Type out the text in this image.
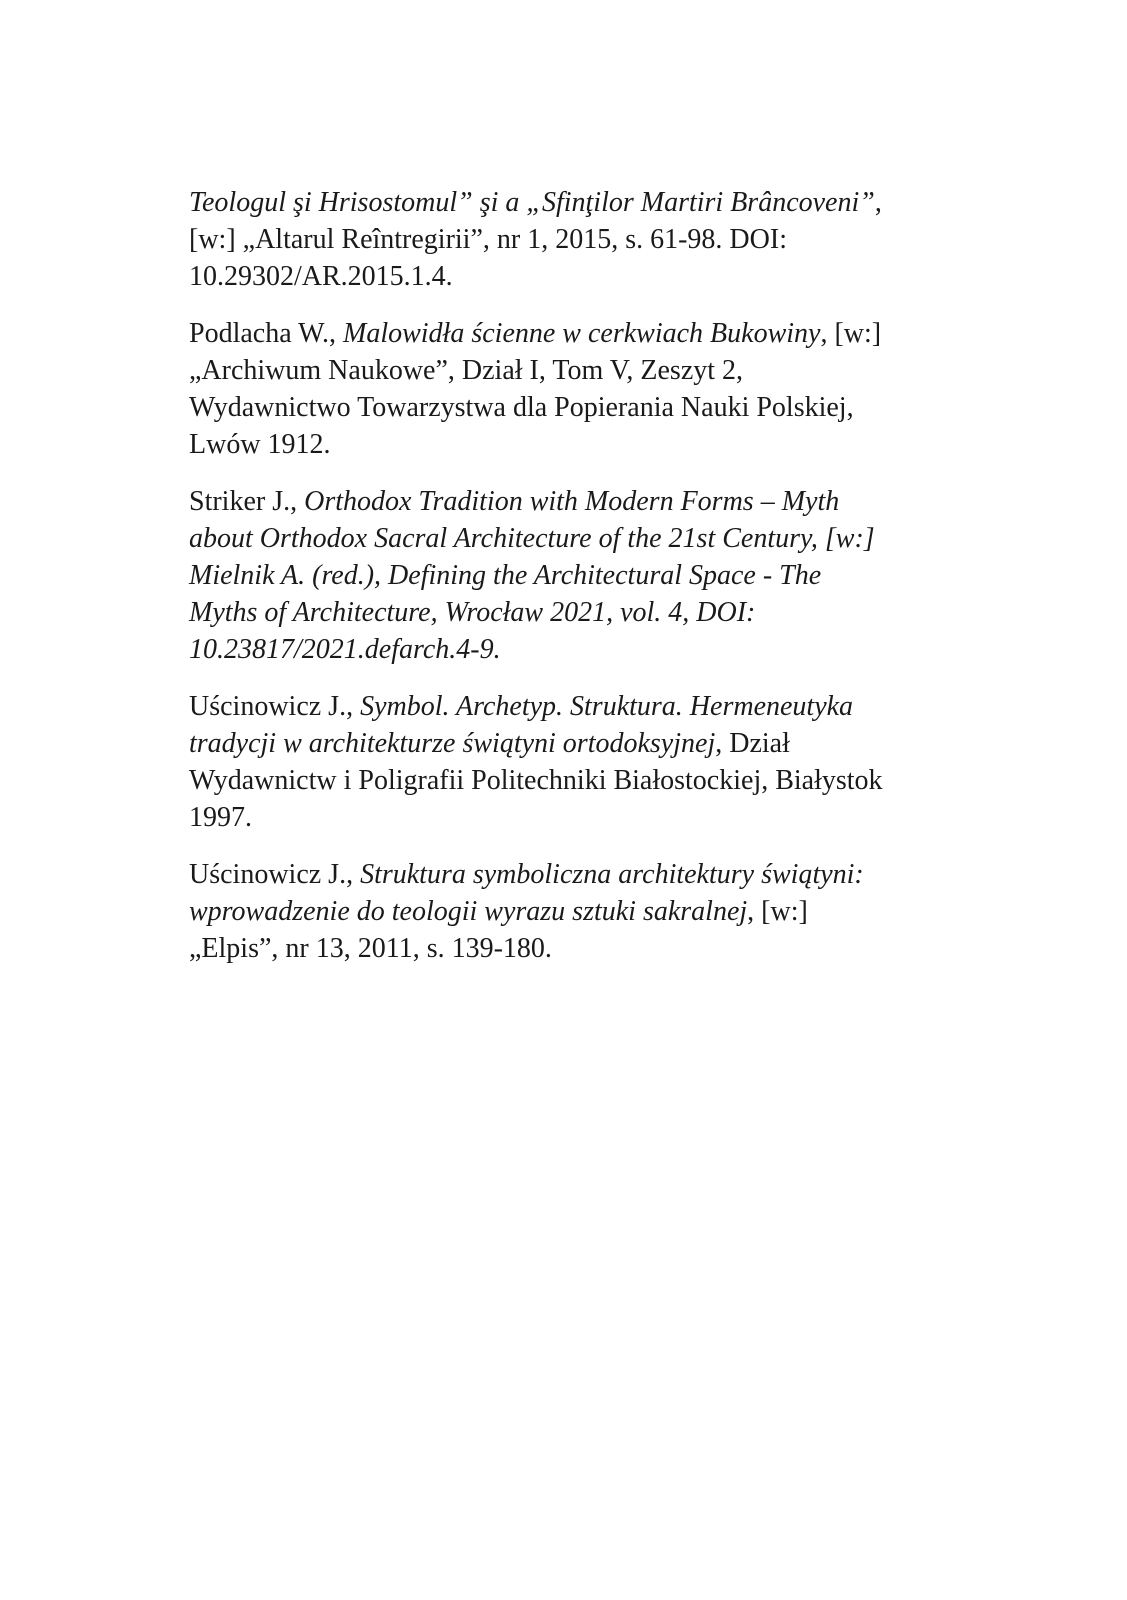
Teologul şi Hrisostomul” şi a „Sfinţilor Martiri Brâncoveni”,
[w:] „Altarul Reîntregirii”, nr 1, 2015, s. 61-98. DOI:
10.29302/AR.2015.1.4.
Podlacha W., Malowidła ścienne w cerkwiach Bukowiny, [w:]
„Archiwum Naukowe”, Dział I, Tom V, Zeszyt 2,
Wydawnictwo Towarzystwa dla Popierania Nauki Polskiej,
Lwów 1912.
Striker J., Orthodox Tradition with Modern Forms – Myth
about Orthodox Sacral Architecture of the 21st Century, [w:]
Mielnik A. (red.), Defining the Architectural Space - The
Myths of Architecture, Wrocław 2021, vol. 4, DOI:
10.23817/2021.defarch.4-9.
Uścinowicz J., Symbol. Archetyp. Struktura. Hermeneutyka
tradycji w architekturze świątyni ortodoksyjnej, Dział
Wydawnictw i Poligrafii Politechniki Białostockiej, Białystok
1997.
Uścinowicz J., Struktura symboliczna architektury świątyni:
wprowadzenie do teologii wyrazu sztuki sakralnej, [w:]
„Elpis”, nr 13, 2011, s. 139-180.
